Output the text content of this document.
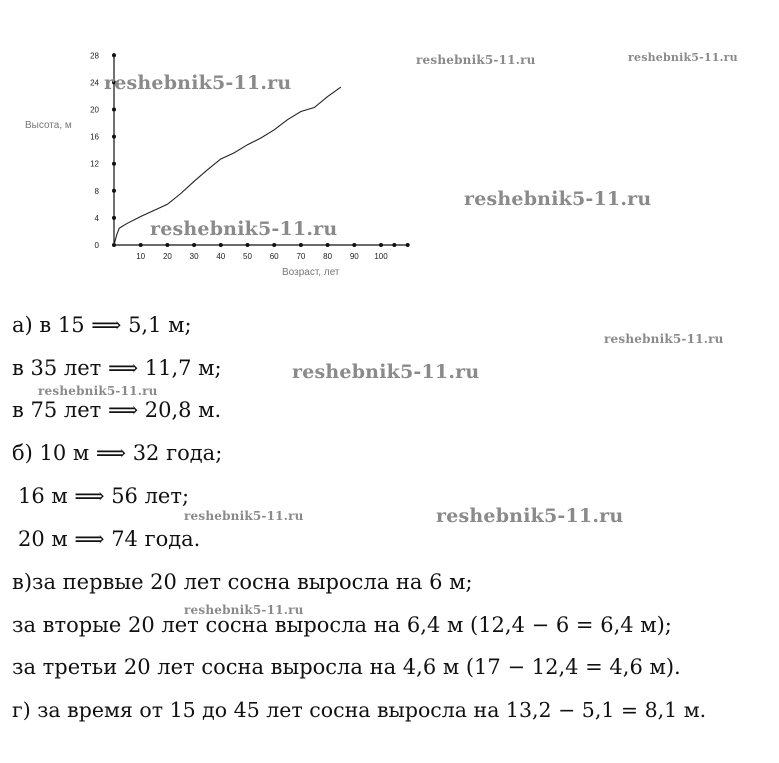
0
4
8
12
16
20
24
28
10 20 30 40 50 60 70 80 90 100
Высота, м
Возраст, лет
reshebnik5-11.ru
reshebnik5-11.ru	reshebnik5-11.ru
reshebnik5-11.ru
reshebnik5-11.ru
reshebnik5-11.ru
reshebnik5-11.ru
reshebnik5-11.ru
reshebnik5-11.ru	reshebnik5-11.ru
reshebnik5-11.ru
а) в 15 ⟹ 5,1 м;
в 35 лет ⟹ 11,7 м;
в 75 лет ⟹ 20,8 м.
б) 10 м ⟹ 32 года;
16 м ⟹ 56 лет;
20 м ⟹ 74 года.
в)за первые 20 лет сосна выросла на 6 м;
за вторые 20 лет сосна выросла на 6,4 м (12,4 − 6 = 6,4 м);
за третьи 20 лет сосна выросла на 4,6 м (17 − 12,4 = 4,6 м).
г) за время от 15 до 45 лет сосна выросла на 13,2 − 5,1 = 8,1 м.
